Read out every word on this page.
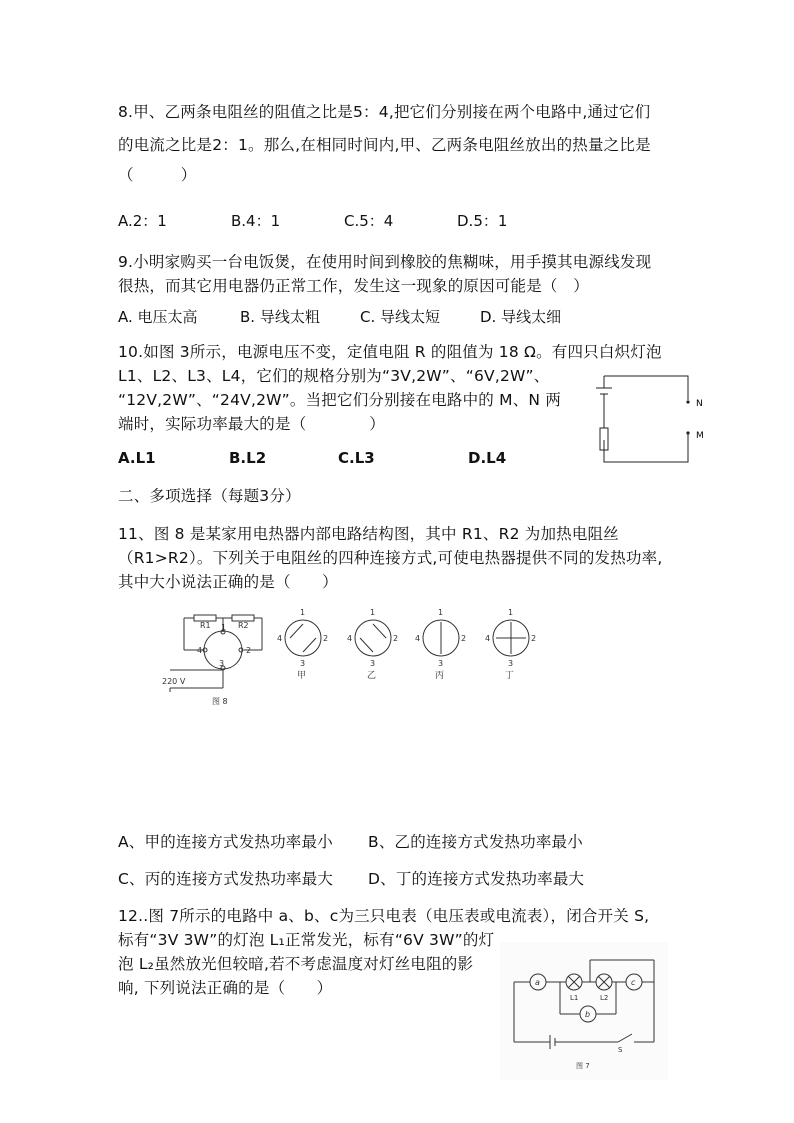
8.甲、乙两条电阻丝的阻值之比是5：4,把它们分别接在两个电路中,通过它们
的电流之比是2：1。那么,在相同时间内,甲、乙两条电阻丝放出的热量之比是
（　　　）
A.2：1	B.4：1	C.5：4	D.5：1
9.小明家购买一台电饭煲，在使用时间到橡胶的焦糊味，用手摸其电源线发现
很热，而其它用电器仍正常工作，发生这一现象的原因可能是（　）
A. 电压太高	B. 导线太粗	C. 导线太短	D. 导线太细
10.如图 3所示，电源电压不变，定值电阻 R 的阻值为 18 Ω。有四只白炽灯泡
L1、L2、L3、L4，它们的规格分别为“3V,2W”、“6V,2W”、
“12V,2W”、“24V,2W”。当把它们分别接在电路中的 M、N 两
端时，实际功率最大的是（　　　　）
A.L1	B.L2	C.L3	D.L4
N
M
二、多项选择（每题3分）
11、图 8 是某家用电热器内部电路结构图，其中 R1、R2 为加热电阻丝
（R1>R2）。下列关于电阻丝的四种连接方式,可使电热器提供不同的发热功率,
其中大小说法正确的是（　　）
R1	R2
1
2
3
4
220 V
图 8
1
2
3
4
甲
1
2
3
4
乙
1
2
3
4
丙
1
2
3
4
丁
A、甲的连接方式发热功率最小 B、乙的连接方式发热功率最小
C、丙的连接方式发热功率最大 D、丁的连接方式发热功率最大
12..图 7所示的电路中 a、b、c为三只电表（电压表或电流表），闭合开关 S,
标有“3V 3W”的灯泡 L₁正常发光，标有“6V 3W”的灯
泡 L₂虽然放光但较暗,若不考虑温度对灯丝电阻的影
响, 下列说法正确的是（　　）	a
b
c
L1	L2
S
图 7
